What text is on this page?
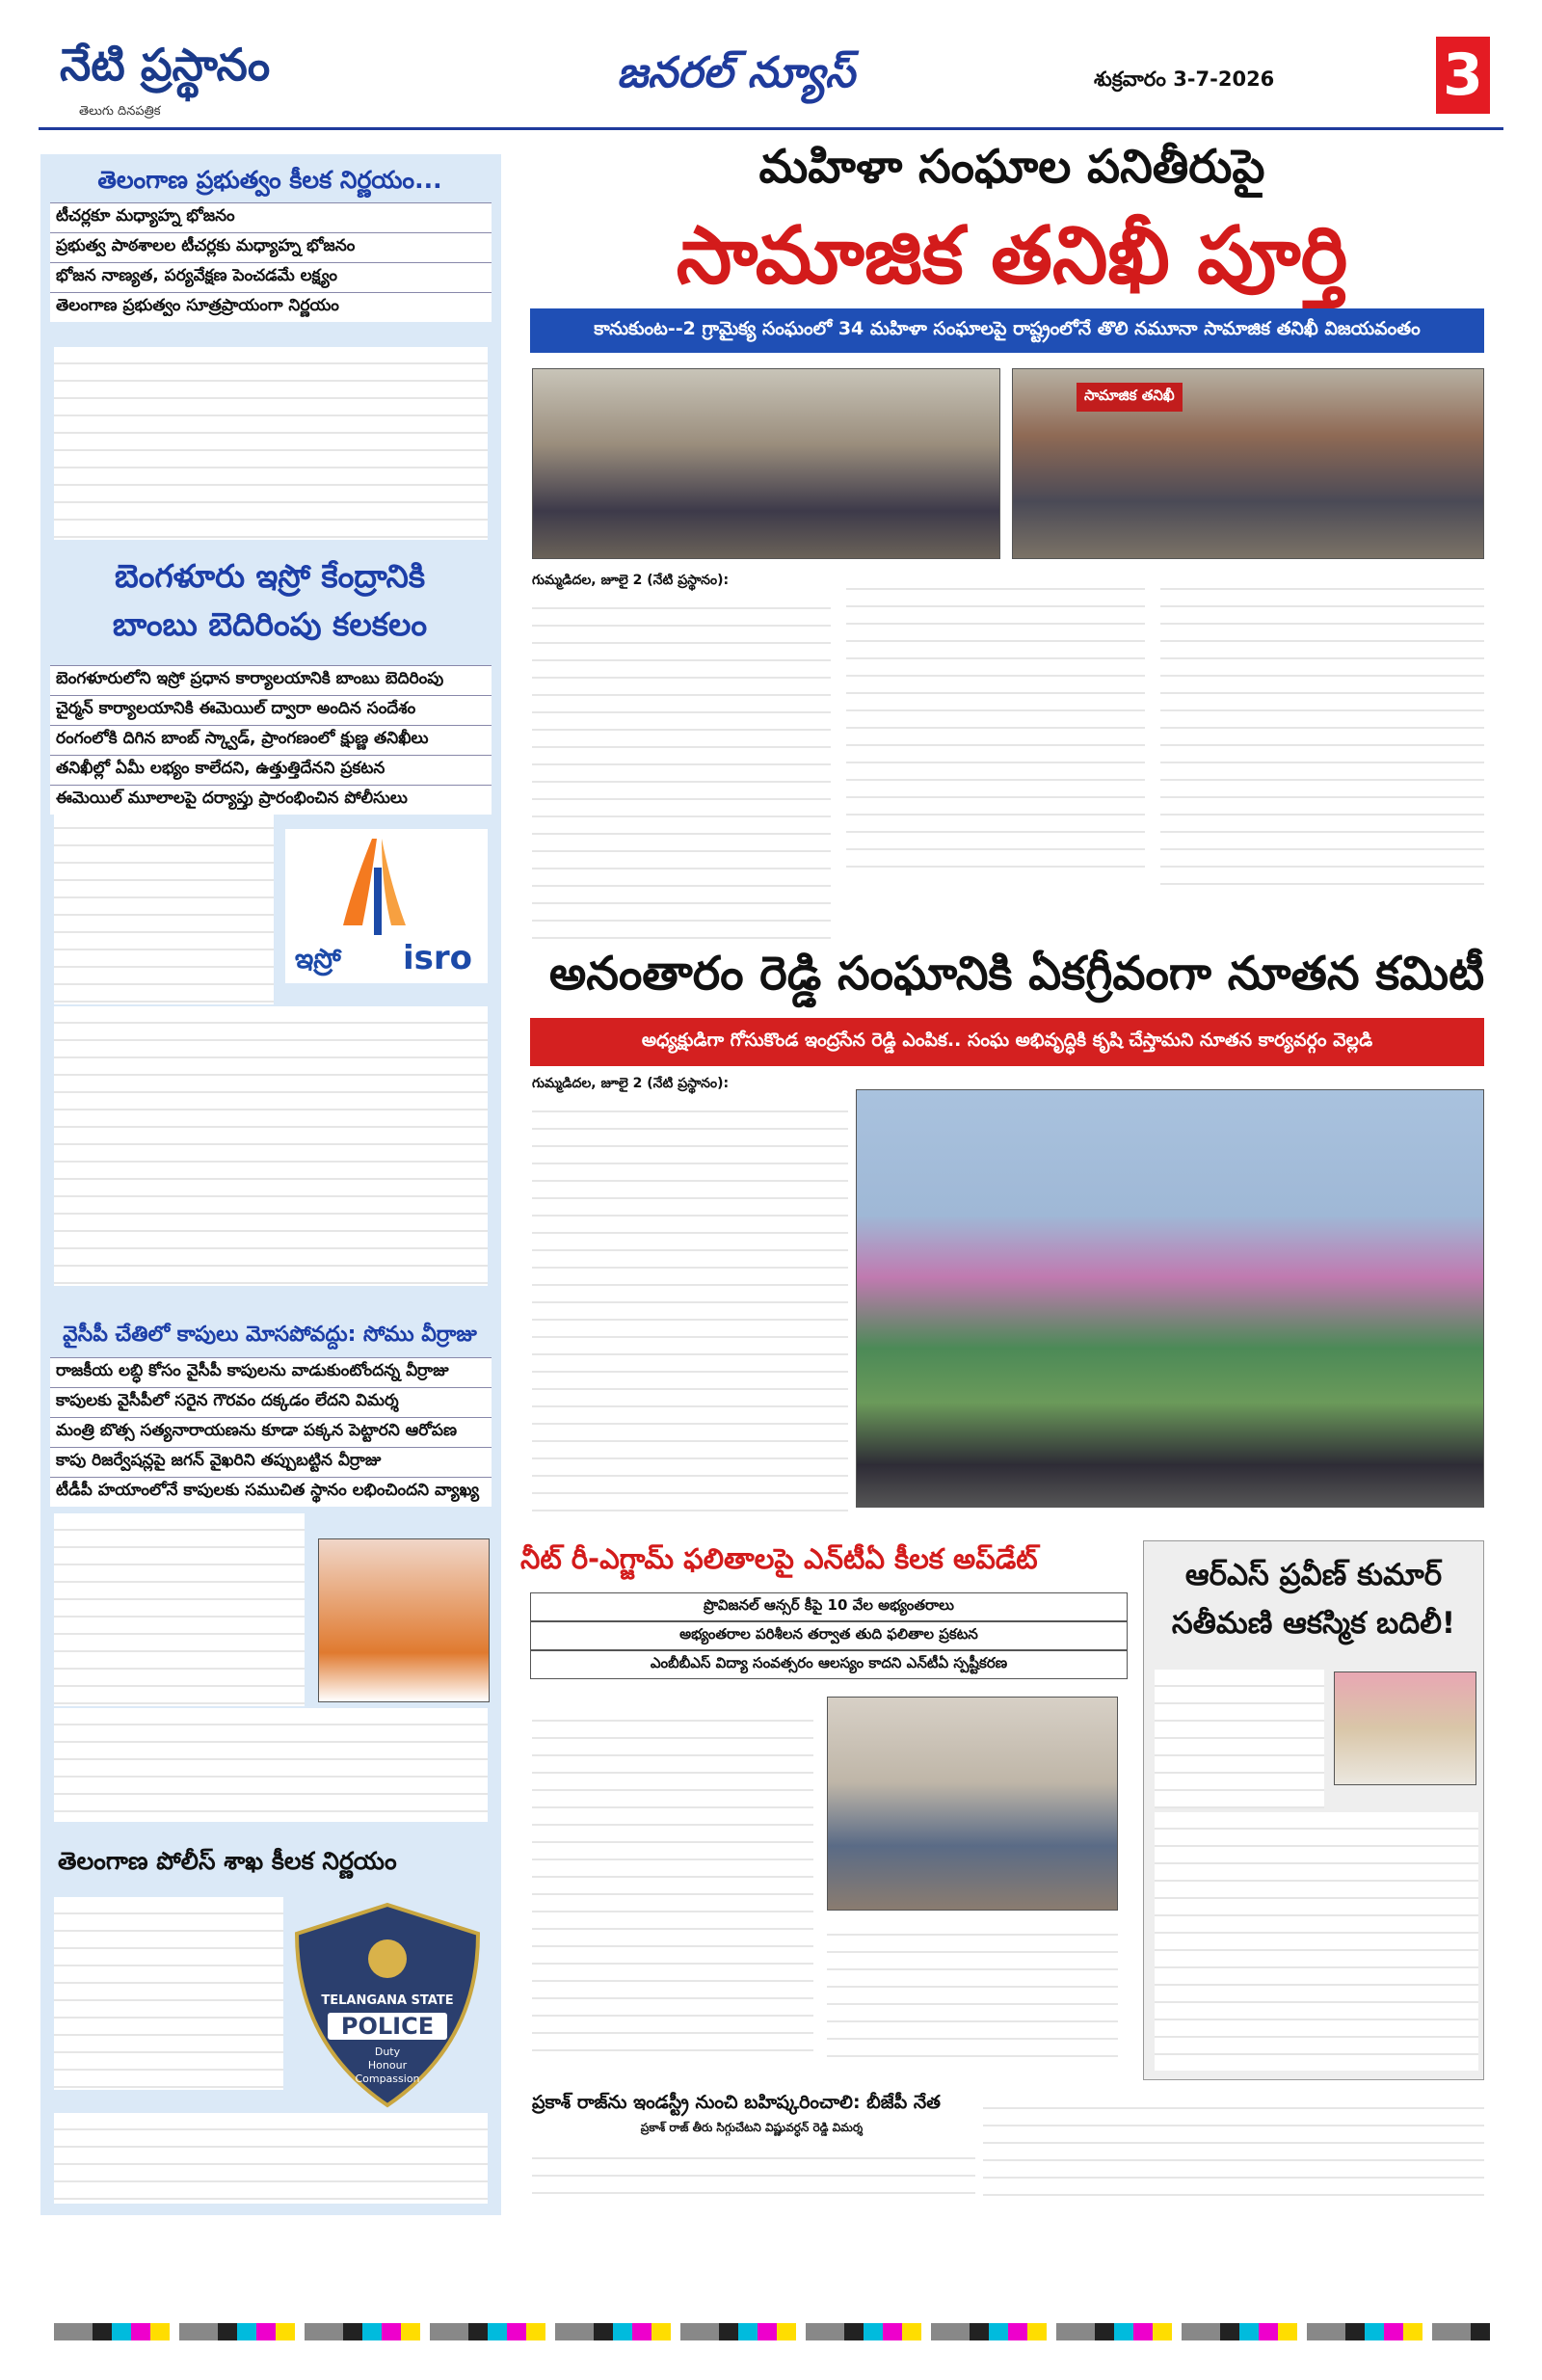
నేటి ప్రస్థానం
తెలుగు దినపత్రిక
జనరల్ న్యూస్	శుక్రవారం 3-7-2026	3
తెలంగాణ ప్రభుత్వం కీలక నిర్ణయం...
టీచర్లకూ మధ్యాహ్న భోజనం
ప్రభుత్వ పాఠశాలల టీచర్లకు మధ్యాహ్న భోజనం
భోజన నాణ్యత, పర్యవేక్షణ పెంచడమే లక్ష్యం
తెలంగాణ ప్రభుత్వం సూత్రప్రాయంగా నిర్ణయం
బెంగళూరు ఇస్రో కేంద్రానికి
బాంబు బెదిరింపు కలకలం
బెంగళూరులోని ఇస్రో ప్రధాన కార్యాలయానికి బాంబు బెదిరింపు
చైర్మన్ కార్యాలయానికి ఈమెయిల్ ద్వారా అందిన సందేశం
రంగంలోకి దిగిన బాంబ్ స్క్వాడ్, ప్రాంగణంలో క్షుణ్ణ తనిఖీలు
తనిఖీల్లో ఏమీ లభ్యం కాలేదని, ఉత్తుత్తిదేనని ప్రకటన
ఈమెయిల్ మూలాలపై దర్యాప్తు ప్రారంభించిన పోలీసులు
ఇస్రో isro
వైసీపీ చేతిలో కాపులు మోసపోవద్దు: సోము వీర్రాజు
రాజకీయ లబ్ధి కోసం వైసీపీ కాపులను వాడుకుంటోందన్న వీర్రాజు
కాపులకు వైసీపీలో సరైన గౌరవం దక్కడం లేదని విమర్శ
మంత్రి బొత్స సత్యనారాయణను కూడా పక్కన పెట్టారని ఆరోపణ
కాపు రిజర్వేషన్లపై జగన్ వైఖరిని తప్పుబట్టిన వీర్రాజు
టీడీపీ హయాంలోనే కాపులకు సముచిత స్థానం లభించిందని వ్యాఖ్య
తెలంగాణ పోలీస్ శాఖ కీలక నిర్ణయం
TELANGANA STATE
POLICE
Duty
Honour
Compassion
మహిళా సంఘాల పనితీరుపై
సామాజిక తనిఖీ పూర్తి
కానుకుంట--2 గ్రామైక్య సంఘంలో 34 మహిళా సంఘాలపై రాష్ట్రంలోనే తొలి నమూనా సామాజిక తనిఖీ విజయవంతం
సామాజిక తనిఖీ
గుమ్మడిదల, జూలై 2 (నేటి ప్రస్థానం):
అనంతారం రెడ్డి సంఘానికి ఏకగ్రీవంగా నూతన కమిటీ
అధ్యక్షుడిగా గోసుకొండ ఇంద్రసేన రెడ్డి ఎంపిక.. సంఘ అభివృద్ధికి కృషి చేస్తామని నూతన కార్యవర్గం వెల్లడి
గుమ్మడిదల, జూలై 2 (నేటి ప్రస్థానం):
నీట్ రీ-ఎగ్జామ్ ఫలితాలపై ఎన్‌టీఏ కీలక అప్‌డేట్
ప్రొవిజనల్ ఆన్సర్ కీపై 10 వేల అభ్యంతరాలు
అభ్యంతరాల పరిశీలన తర్వాత తుది ఫలితాల ప్రకటన
ఎంబీబీఎస్ విద్యా సంవత్సరం ఆలస్యం కాదని ఎన్‌టీఏ స్పష్టీకరణ
ఆర్ఎస్ ప్రవీణ్ కుమార్
సతీమణి ఆకస్మిక బదిలీ!
ప్రకాశ్ రాజ్‌ను ఇండస్ట్రీ నుంచి బహిష్కరించాలి: బీజేపీ నేత
ప్రకాశ్ రాజ్ తీరు సిగ్గుచేటని విష్ణువర్ధన్ రెడ్డి విమర్శ
